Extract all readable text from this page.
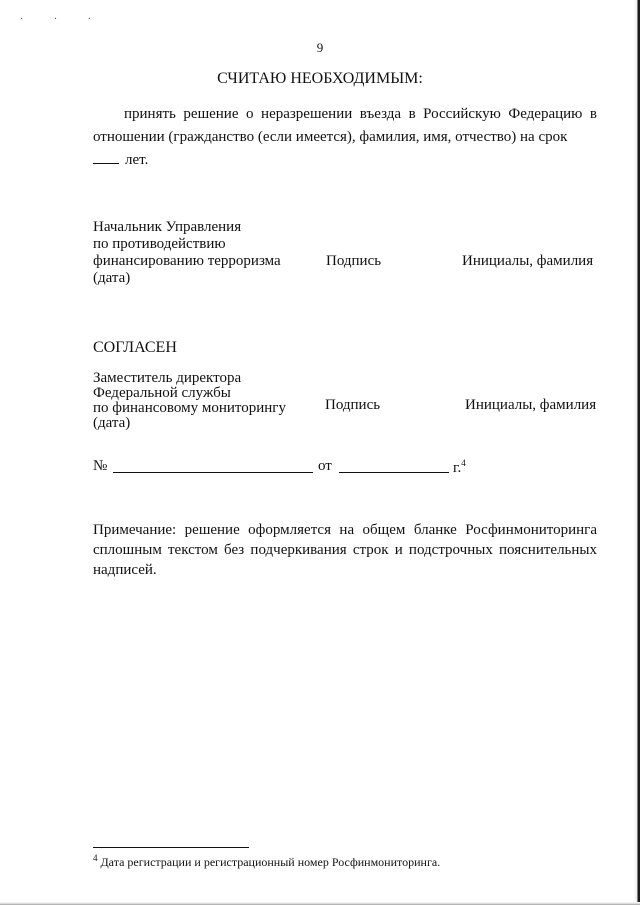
· · ·
9
СЧИТАЮ НЕОБХОДИМЫМ:
принять решение о неразрешении въезда в Российскую Федерацию в отношении (гражданство (если имеется), фамилия, имя, отчество) на срок
лет.
Начальник Управления
по противодействию
финансированию терроризма
(дата)
Подпись	Инициалы, фамилия
СОГЛАСЕН
Заместитель директора
Федеральной службы
по финансовому мониторингу
(дата)
Подпись	Инициалы, фамилия
№	от	г.$^4$
Примечание: решение оформляется на общем бланке Росфинмониторинга сплошным текстом без подчеркивания строк и подстрочных пояснительных надписей.
$^4$ Дата регистрации и регистрационный номер Росфинмониторинга.
